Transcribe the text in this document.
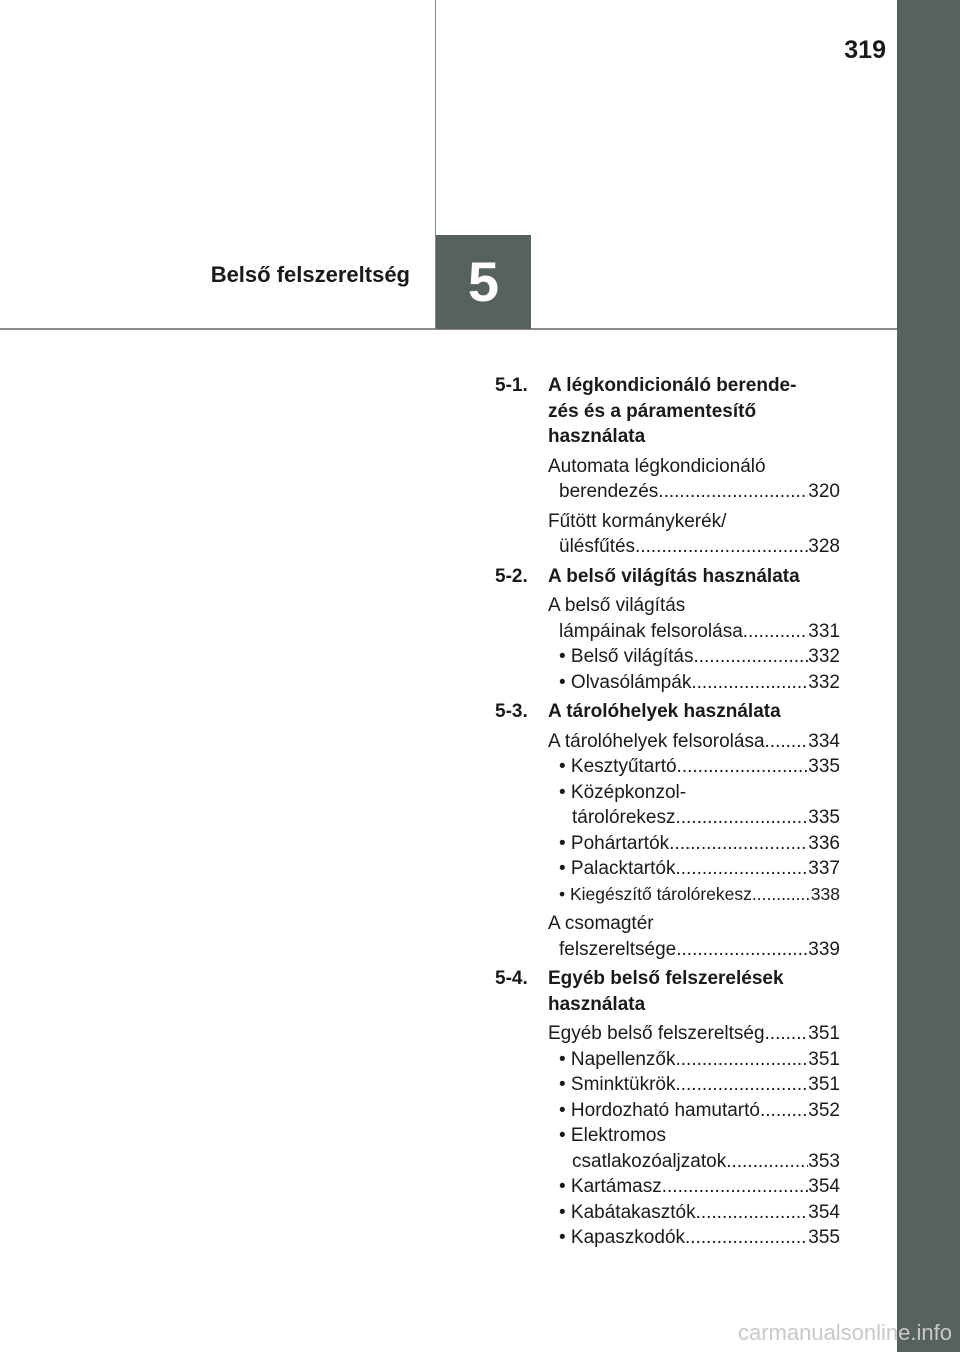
319
Belső felszereltség	5
5-1.	A légkondicionáló berende-
zés és a páramentesítő
használata
Automata légkondicionáló
berendezés .....	320
Fűtött kormánykerék/
ülésfűtés .....	328
5-2.	A belső világítás használata
A belső világítás
lámpáinak felsorolása .....	331
• Belső világítás .....	332
• Olvasólámpák .....	332
5-3.	A tárolóhelyek használata
A tárolóhelyek felsorolása ..... 334
• Kesztyűtartó .....	335
• Középkonzol-
tárolórekesz .....	335
• Pohártartók .....	336
• Palacktartók .....	337
• Kiegészítő tárolórekesz .....	338
A csomagtér
felszereltsége .....	339
5-4.	Egyéb belső felszerelések
használata
Egyéb belső felszereltség ..... 351
• Napellenzők .....	351
• Sminktükrök .....	351
• Hordozható hamutartó .....	352
• Elektromos
csatlakozóaljzatok .....	353
• Kartámasz .....	354
• Kabátakasztók .....	354
• Kapaszkodók .....	355
carmanualsonline.info
